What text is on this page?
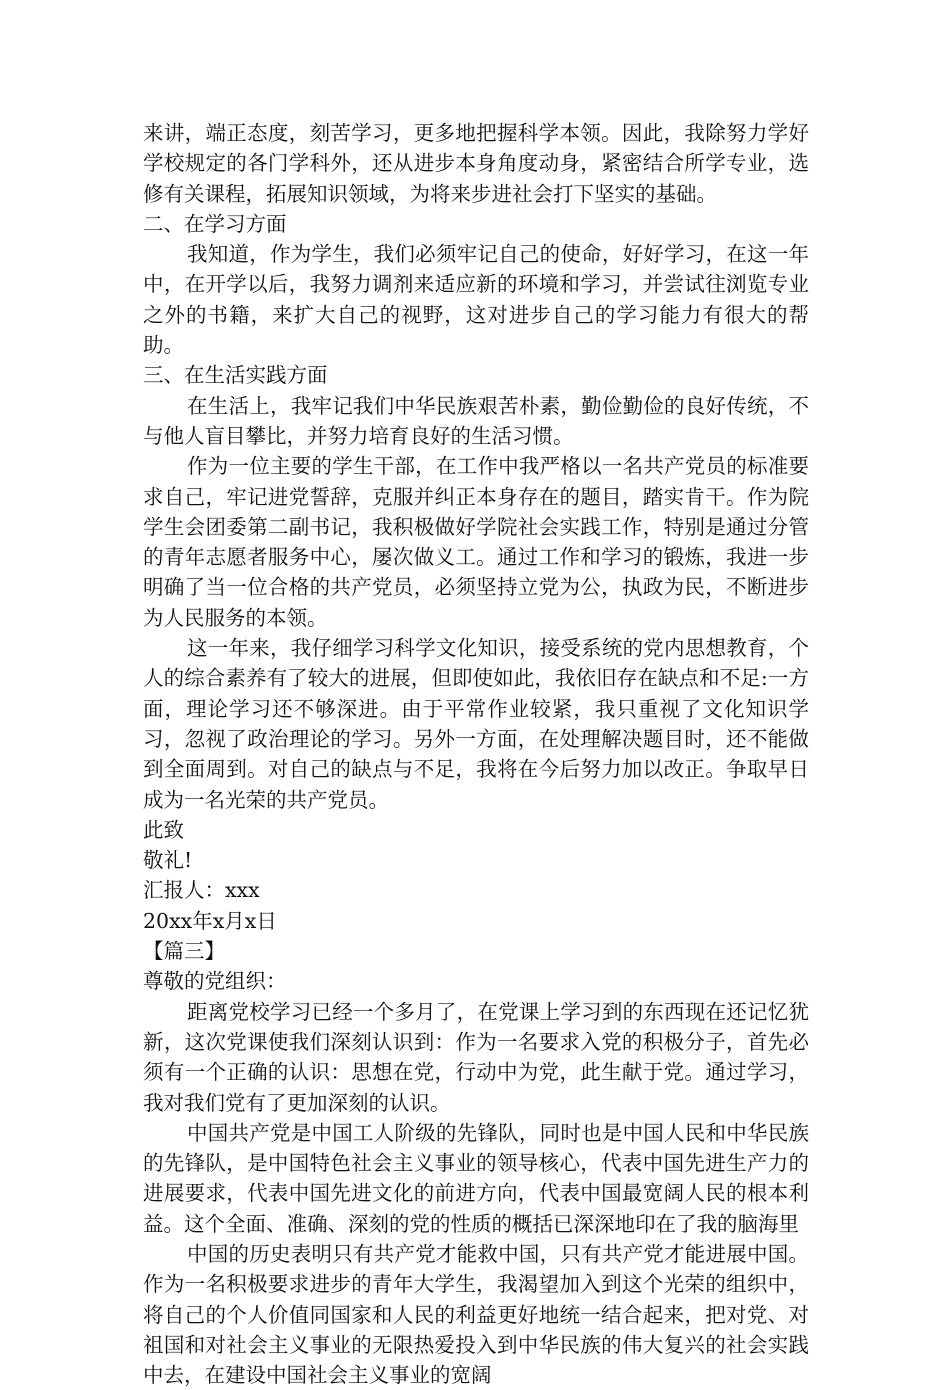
来讲，端正态度，刻苦学习，更多地把握科学本领。因此，我除努力学好学校规定的各门学科外，还从进步本身角度动身，紧密结合所学专业，选修有关课程，拓展知识领域，为将来步进社会打下坚实的基础。

二、在学习方面

我知道，作为学生，我们必须牢记自己的使命，好好学习，在这一年中，在开学以后，我努力调剂来适应新的环境和学习，并尝试往浏览专业之外的书籍，来扩大自己的视野，这对进步自己的学习能力有很大的帮助。

三、在生活实践方面

在生活上，我牢记我们中华民族艰苦朴素，勤俭勤俭的良好传统，不与他人盲目攀比，并努力培育良好的生活习惯。

作为一位主要的学生干部，在工作中我严格以一名共产党员的标准要求自己，牢记进党誓辞，克服并纠正本身存在的题目，踏实肯干。作为院学生会团委第二副书记，我积极做好学院社会实践工作，特别是通过分管的青年志愿者服务中心，屡次做义工。通过工作和学习的锻炼，我进一步明确了当一位合格的共产党员，必须坚持立党为公，执政为民，不断进步为人民服务的本领。

这一年来，我仔细学习科学文化知识，接受系统的党内思想教育，个人的综合素养有了较大的进展，但即使如此，我依旧存在缺点和不足:一方面，理论学习还不够深进。由于平常作业较紧，我只重视了文化知识学习，忽视了政治理论的学习。另外一方面，在处理解决题目时，还不能做到全面周到。对自己的缺点与不足，我将在今后努力加以改正。争取早日成为一名光荣的共产党员。

此致

敬礼!

汇报人：xxx

20xx年x月x日

【篇三】

尊敬的党组织：

距离党校学习已经一个多月了，在党课上学习到的东西现在还记忆犹新，这次党课使我们深刻认识到：作为一名要求入党的积极分子，首先必须有一个正确的认识：思想在党，行动中为党，此生献于党。通过学习，我对我们党有了更加深刻的认识。

中国共产党是中国工人阶级的先锋队，同时也是中国人民和中华民族的先锋队，是中国特色社会主义事业的领导核心，代表中国先进生产力的进展要求，代表中国先进文化的前进方向，代表中国最宽阔人民的根本利益。这个全面、准确、深刻的党的性质的概括已深深地印在了我的脑海里

中国的历史表明只有共产党才能救中国，只有共产党才能进展中国。作为一名积极要求进步的青年大学生，我渴望加入到这个光荣的组织中，将自己的个人价值同国家和人民的利益更好地统一结合起来，把对党、对祖国和对社会主义事业的无限热爱投入到中华民族的伟大复兴的社会实践中去，在建设中国社会主义事业的宽阔
